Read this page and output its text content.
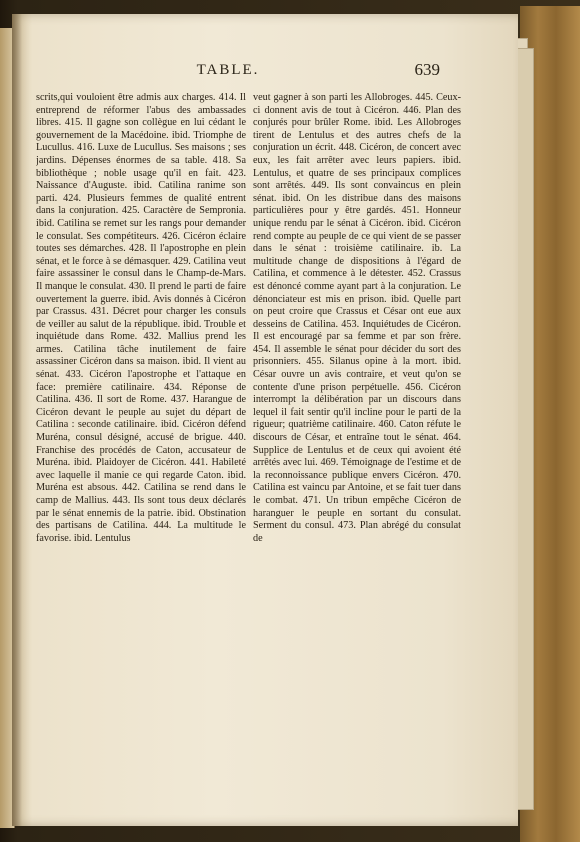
TABLE.	639

scrits,qui vouloient être admis aux charges. 414. Il entreprend de réformer l'abus des ambassades libres. 415. Il gagne son collègue en lui cédant le gouvernement de la Macédoine. ibid. Triomphe de Lucullus. 416. Luxe de Lucullus. Ses maisons ; ses jardins. Dépenses énormes de sa table. 418. Sa bibliothèque ; noble usage qu'il en fait. 423. Naissance d'Auguste. ibid. Catilina ranime son parti. 424. Plusieurs femmes de qualité entrent dans la conjuration. 425. Caractère de Sempronia. ibid. Catilina se remet sur les rangs pour demander le consulat. Ses compétiteurs. 426. Cicéron éclaire toutes ses démarches. 428. Il l'apostrophe en plein sénat, et le force à se démasquer. 429. Catilina veut faire assassiner le consul dans le Champ-de-Mars. Il manque le consulat. 430. Il prend le parti de faire ouvertement la guerre. ibid. Avis donnés à Cicéron par Crassus. 431. Décret pour charger les consuls de veiller au salut de la république. ibid. Trouble et inquiétude dans Rome. 432. Mallius prend les armes. Catilina tâche inutilement de faire assassiner Cicéron dans sa maison. ibid. Il vient au sénat. 433. Cicéron l'apostrophe et l'attaque en face: première catilinaire. 434. Réponse de Catilina. 436. Il sort de Rome. 437. Harangue de Cicéron devant le peuple au sujet du départ de Catilina : seconde catilinaire. ibid. Cicéron défend Muréna, consul désigné, accusé de brigue. 440. Franchise des procédés de Caton, accusateur de Muréna. ibid. Plaidoyer de Cicéron. 441. Habileté avec laquelle il manie ce qui regarde Caton. ibid. Muréna est absous. 442. Catilina se rend dans le camp de Mallius. 443. Ils sont tous deux déclarés par le sénat ennemis de la patrie. ibid. Obstination des partisans de Catilina. 444. La multitude le favorise. ibid. Lentulus

veut gagner à son parti les Allobroges. 445. Ceux-ci donnent avis de tout à Cicéron. 446. Plan des conjurés pour brûler Rome. ibid. Les Allobroges tirent de Lentulus et des autres chefs de la conjuration un écrit. 448. Cicéron, de concert avec eux, les fait arrêter avec leurs papiers. ibid. Lentulus, et quatre de ses principaux complices sont arrêtés. 449. Ils sont convaincus en plein sénat. ibid. On les distribue dans des maisons particulières pour y être gardés. 451. Honneur unique rendu par le sénat à Cicéron. ibid. Cicéron rend compte au peuple de ce qui vient de se passer dans le sénat : troisième catilinaire. ib. La multitude change de dispositions à l'égard de Catilina, et commence à le détester. 452. Crassus est dénoncé comme ayant part à la conjuration. Le dénonciateur est mis en prison. ibid. Quelle part on peut croire que Crassus et César ont eue aux desseins de Catilina. 453. Inquiétudes de Cicéron. Il est encouragé par sa femme et par son frère. 454. Il assemble le sénat pour décider du sort des prisonniers. 455. Silanus opine à la mort. ibid. César ouvre un avis contraire, et veut qu'on se contente d'une prison perpétuelle. 456. Cicéron interrompt la délibération par un discours dans lequel il fait sentir qu'il incline pour le parti de la rigueur; quatrième catilinaire. 460. Caton réfute le discours de César, et entraîne tout le sénat. 464. Supplice de Lentulus et de ceux qui avoient été arrêtés avec lui. 469. Témoignage de l'estime et de la reconnoissance publique envers Cicéron. 470. Catilina est vaincu par Antoine, et se fait tuer dans le combat. 471. Un tribun empêche Cicéron de haranguer le peuple en sortant du consulat. Serment du consul. 473. Plan abrégé du consulat de
